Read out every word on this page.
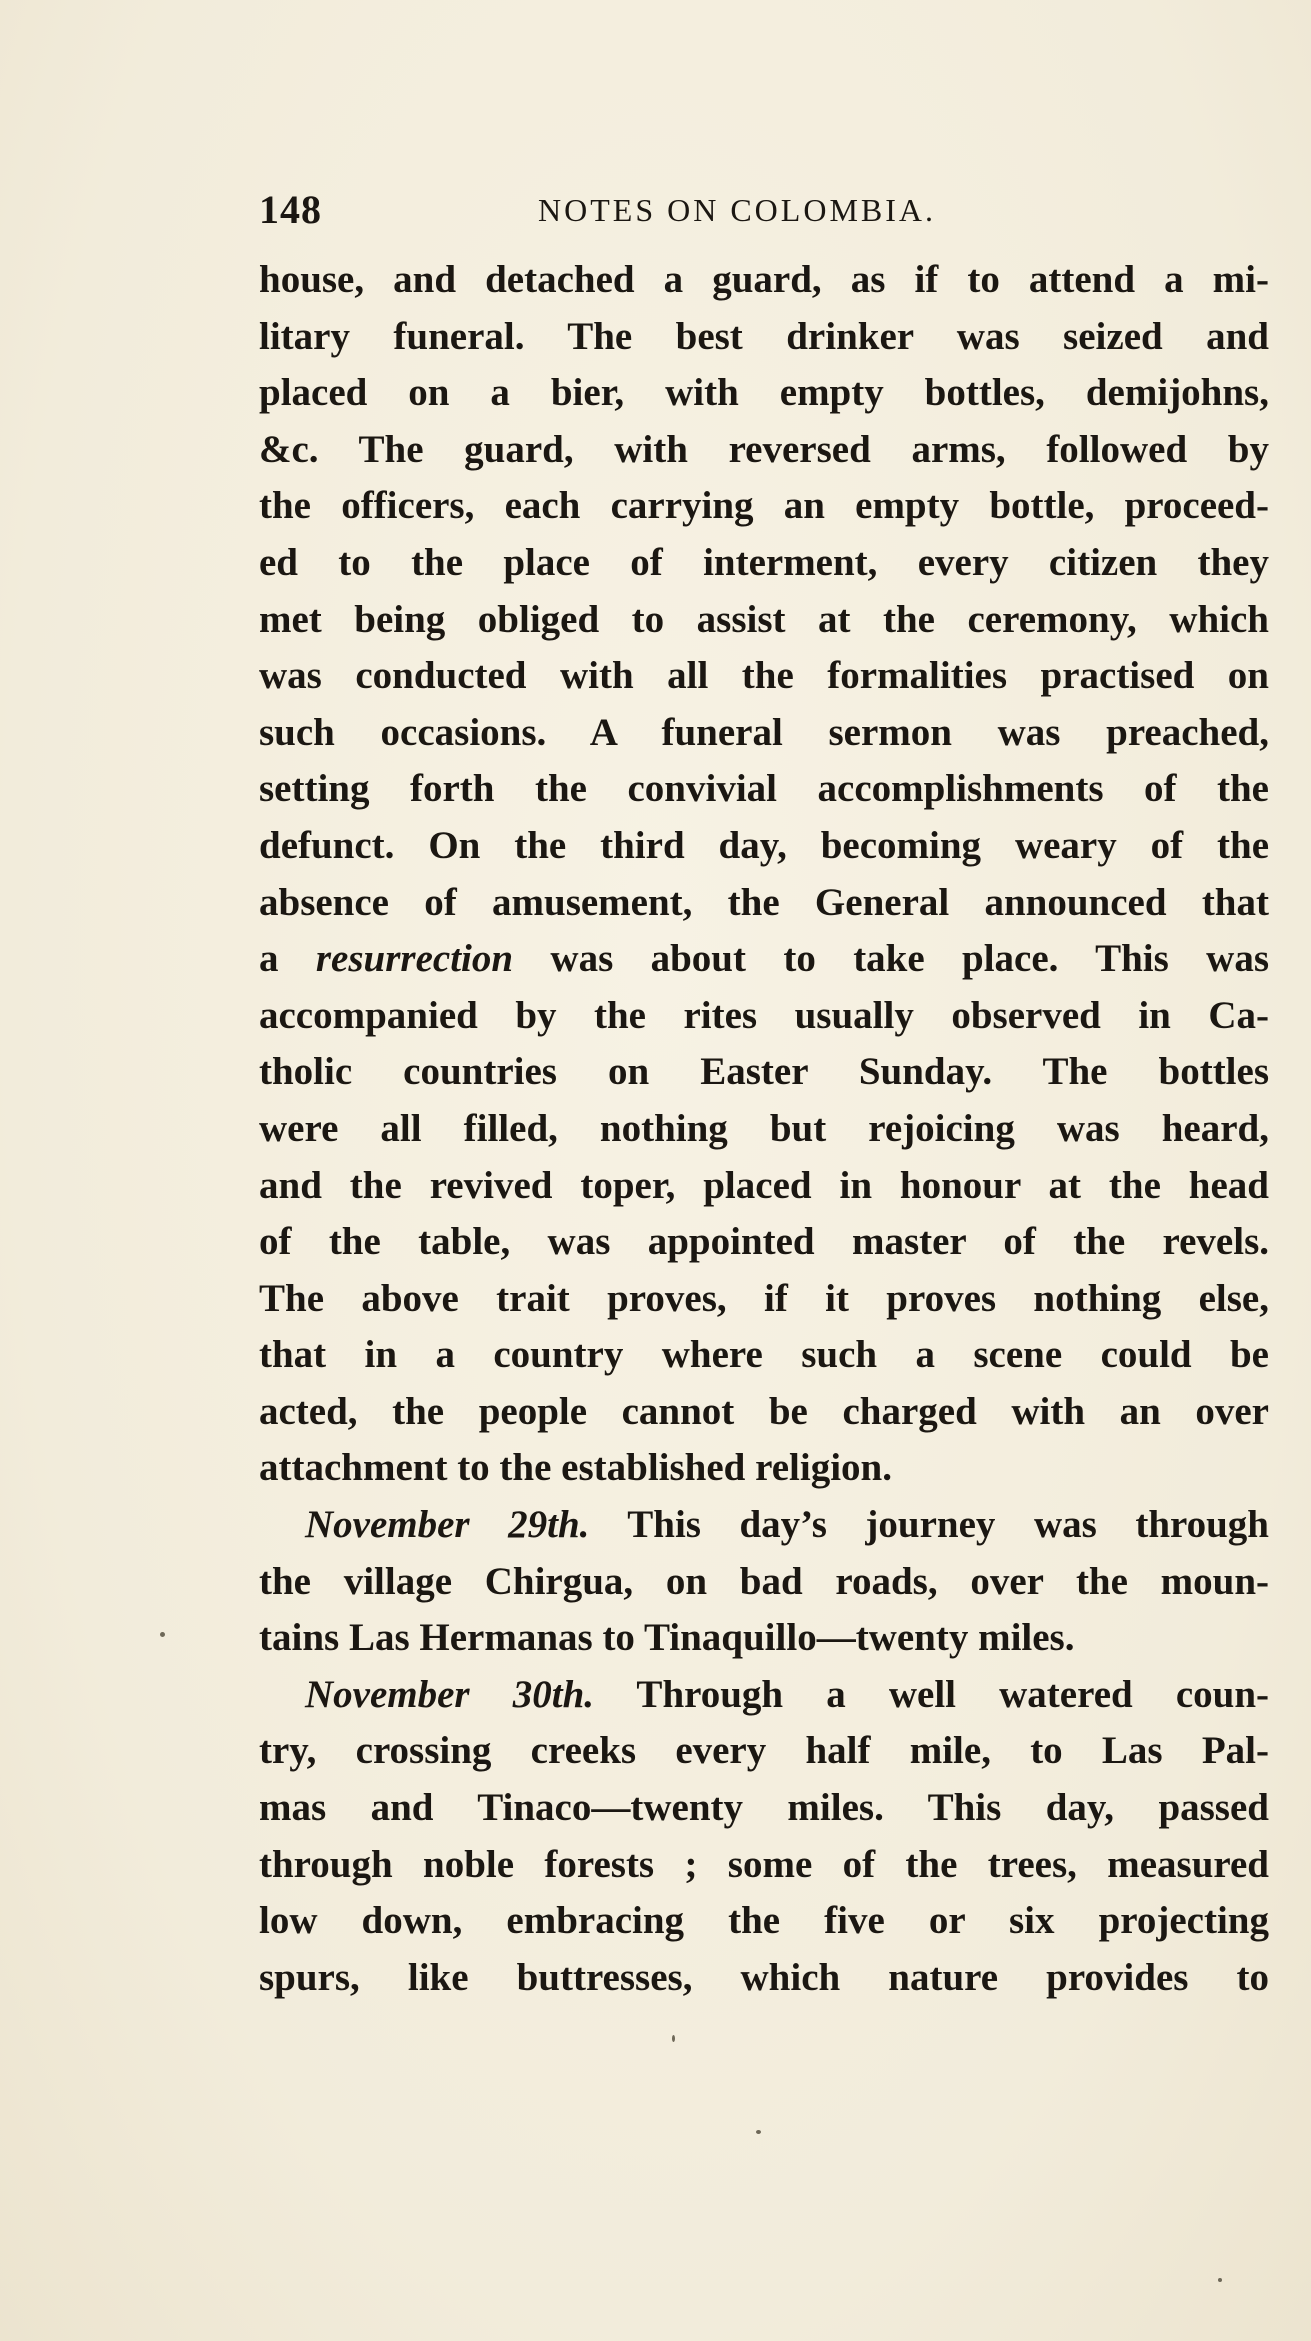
148	NOTES ON COLOMBIA.
house, and detached a guard, as if to attend a mi-
litary funeral. The best drinker was seized and
placed on a bier, with empty bottles, demijohns,
&c. The guard, with reversed arms, followed by
the officers, each carrying an empty bottle, proceed-
ed to the place of interment, every citizen they
met being obliged to assist at the ceremony, which
was conducted with all the formalities practised on
such occasions. A funeral sermon was preached,
setting forth the convivial accomplishments of the
defunct. On the third day, becoming weary of the
absence of amusement, the General announced that
a resurrection was about to take place. This was
accompanied by the rites usually observed in Ca-
tholic countries on Easter Sunday. The bottles
were all filled, nothing but rejoicing was heard,
and the revived toper, placed in honour at the head
of the table, was appointed master of the revels.
The above trait proves, if it proves nothing else,
that in a country where such a scene could be
acted, the people cannot be charged with an over
attachment to the established religion.
November 29th. This day’s journey was through
the village Chirgua, on bad roads, over the moun-
tains Las Hermanas to Tinaquillo—twenty miles.
November 30th. Through a well watered coun-
try, crossing creeks every half mile, to Las Pal-
mas and Tinaco—twenty miles. This day, passed
through noble forests ; some of the trees, measured
low down, embracing the five or six projecting
spurs, like buttresses, which nature provides to
